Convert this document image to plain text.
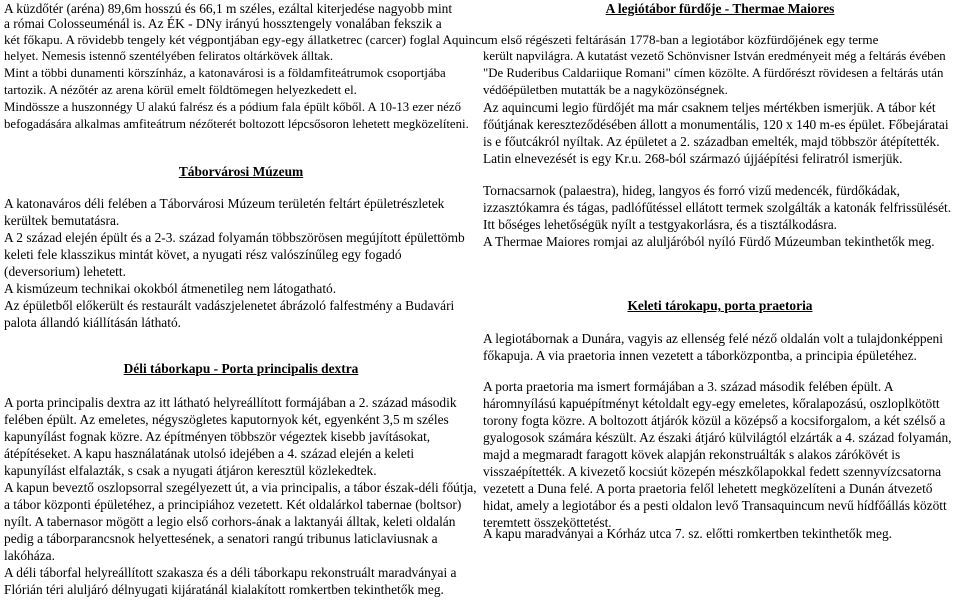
A küzdőtér (aréna) 89,6m hosszú és 66,1 m széles, ezáltal kiterjedése nagyobb mint

a római Colosseuménál is. Az ÉK - DNy irányú hossztengely vonalában fekszik a

két főkapu. A rövidebb tengely két végpontjában egy-egy állatketrec (carcer) foglal Aquincum első régészeti feltárásán 1778-ban a legiotábor közfürdőjének egy terme

A legiótábor fürdője - Thermae Maiores

helyet. Nemesis istennő szentélyében feliratos oltárkövek álltak.

Mint a többi dunamenti körszínház, a katonavárosi is a földamfiteátrumok csoportjába tartozik. A nézőtér az arena körül emelt földtömegen helyezkedett el.

Mindössze a huszonnégy U alakú falrész és a pódium fala épült kőből. A 10-13 ezer néző befogadására alkalmas amfiteátrum nézőterét boltozott lépcsősoron lehetett megközelíteni.

Táborvárosi Múzeum

A katonaváros déli felében a Táborvárosi Múzeum területén feltárt épületrészletek kerültek bemutatásra.

A 2 század elején épült és a 2-3. század folyamán többszörösen megújított épülettömb keleti fele klasszikus mintát követ, a nyugati rész valószínűleg egy fogadó (deversorium) lehetett.

A kismúzeum technikai okokból átmenetileg nem látogatható.

Az épületből előkerült és restaurált vadászjelenetet ábrázoló falfestmény a Budavári palota állandó kiállításán látható.

Déli táborkapu - Porta principalis dextra

A porta principalis dextra az itt látható helyreállított formájában a 2. század második felében épült. Az emeletes, négyszögletes kaputornyok két, egyenként 3,5 m széles kapunyílást fognak közre. Az építményen többször végeztek kisebb javításokat, átépítéseket. A kapu használatának utolsó idejében a 4. század elején a keleti kapunyílást elfalazták, s csak a nyugati átjáron keresztül közlekedtek.

A kapun beveztő oszlopsorral szegélyezett út, a via principalis, a tábor észak-déli főútja, a tábor központi épületéhez, a principiához vezetett. Két oldalárkol tabernae (boltsor) nyílt. A tabernasor mögött a legio első corhors-ának a laktanyái álltak, keleti oldalán pedig a táborparancsnok helyettesének, a senatori rangú tribunus laticlaviusnak a lakóháza.

A déli táborfal helyreállított szakasza és a déli táborkapu rekonstruált maradványai a Flórián téri aluljáró délnyugati kijáratánál kialakított romkertben tekinthetők meg.

került napvilágra. A kutatást vezető Schönvisner István eredményeit még a feltárás évében "De Ruderibus Caldariique Romani" címen közölte. A fürdőrészt rövidesen a feltárás után védőépületben mutatták be a nagyközönségnek.

Az aquincumi legio fürdőjét ma már csaknem teljes mértékben ismerjük. A tábor két főútjának kereszteződésében állott a monumentális, 120 x 140 m-es épület. Főbejáratai is e főutcákról nyíltak. Az épületet a 2. században emelték, majd többször átépítették. Latin elnevezését is egy Kr.u. 268-ból származó újjáépítési feliratról ismerjük.

Tornacsarnok (palaestra), hideg, langyos és forró vizű medencék, fürdőkádak, izzasztókamra és tágas, padlófűtéssel ellátott termek szolgálták a katonák felfrissülését. Itt bőséges lehetőségük nyílt a testgyakorlásra, és a tisztálkodásra.

A Thermae Maiores romjai az aluljáróból nyíló Fürdő Múzeumban tekinthetők meg.

Keleti tárokapu, porta praetoria

A legiotábornak a Dunára, vagyis az ellenség felé néző oldalán volt a tulajdonképpeni főkapuja. A via praetoria innen vezetett a táborközpontba, a principia épületéhez.

A porta praetoria ma ismert formájában a 3. század második felében épült. A háromnyílású kapuépítményt kétoldalt egy-egy emeletes, kőralapozású, oszloplkötött torony fogta közre. A boltozott átjárók közül a középső a kocsiforgalom, a két szélső a gyalogosok számára készült. Az északi átjáró külvilágtól elzárták a 4. század folyamán, majd a megmaradt faragott kövek alapján rekonstruálták s alakos zárókövét is visszaépítették. A kivezető kocsiút közepén mészkőlapokkal fedett szennyvízcsatorna vezetett a Duna felé. A porta praetoria felől lehetett megközelíteni a Dunán átvezető hidat, amely a legiotábor és a pesti oldalon levő Transaquincum nevű hídfőállás között teremtett összeköttetést.

A kapu maradványai a Kórház utca 7. sz. előtti romkertben tekinthetők meg.
